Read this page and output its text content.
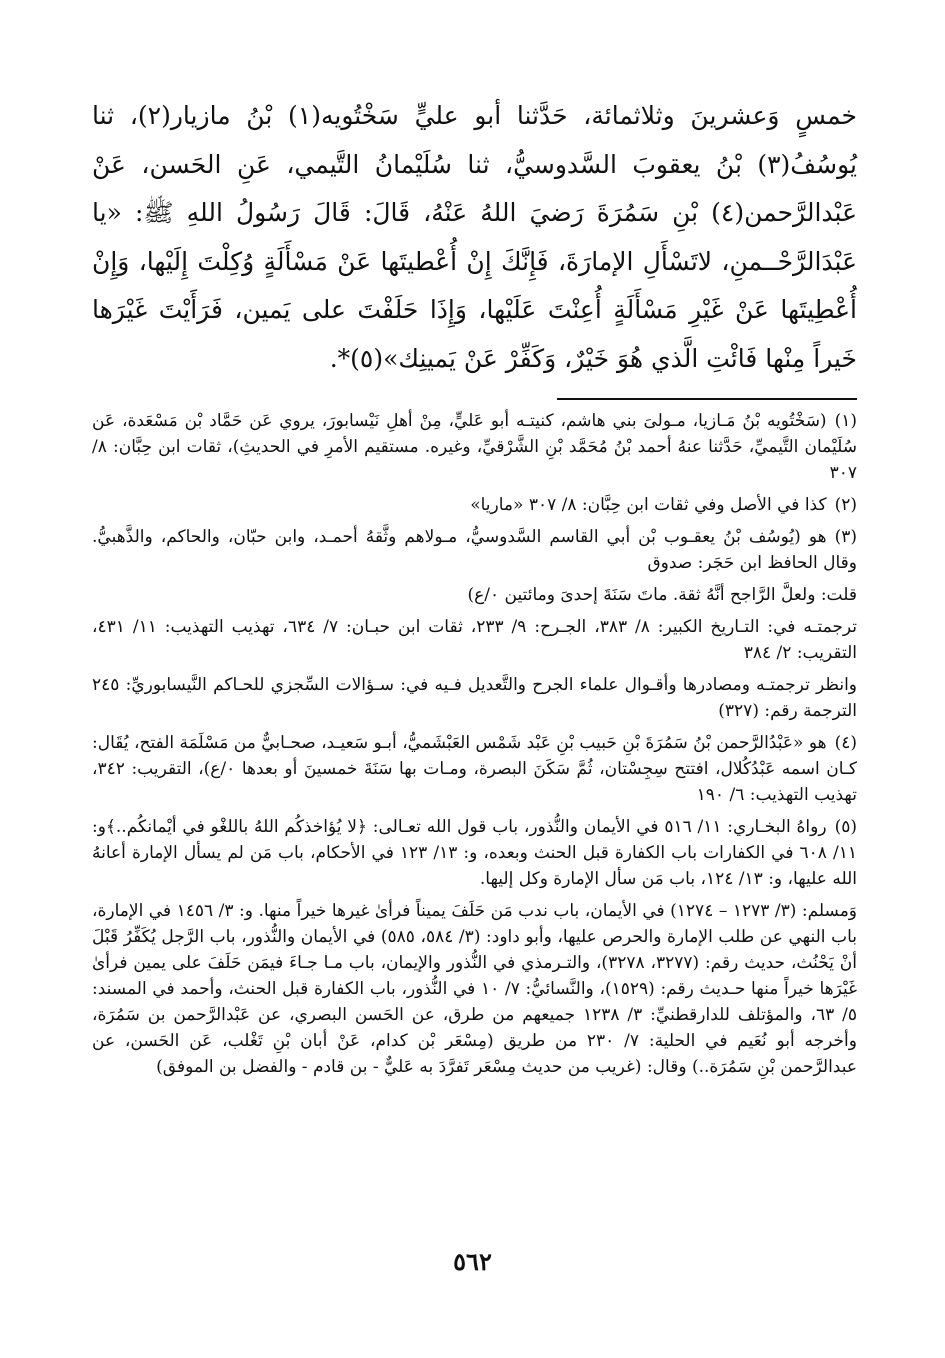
خمسٍ وَعشرينَ وثلاثمائة، حَدَّثنا أبو عليٍّ سَخْتُويه(١) بْنُ مازيار(٢)، ثنا يُوسُفُ(٣) بْنُ يعقوبَ السَّدوسيُّ، ثنا سُلَيْمانُ التَّيمي، عَنِ الحَسن، عَنْ عَبْدالرَّحمن(٤) بْنِ سَمُرَةَ رَضيَ اللهُ عَنْهُ، قَالَ: قَالَ رَسُولُ اللهِ ﷺ: «يا عَبْدَالرَّحْــمنِ، لاتَسْأَلِ الإمارَةَ، فَإِنَّكَ إِنْ أُعْطيتَها عَنْ مَسْأَلَةٍ وُكِلْتَ إِلَيْها، وَإِنْ أُعْطِيتَها عَنْ غَيْرِ مَسْأَلَةٍ أُعِنْتَ عَلَيْها، وَإِذَا حَلَفْتَ على يَمين، فَرَأَيْتَ غَيْرَها خَيراً مِنْها فَائْتِ الَّذي هُوَ خَيْرٌ، وَكَفِّرْ عَنْ يَمينِك»(٥)*.

(١)(سَخْتُويه بْنُ مَـازيا، مـولىَ بني هاشم، كنيتـه أبو عَليٍّ، مِنْ أهلِ نَيْسابورَ، يروي عَن حَمَّاد بْن مَسْعَدة، عَن سُلَيْمان التَّيميِّ، حَدَّثنا عنهُ أحمد بْنُ مُحَمَّد بْنِ الشَّرْقيِّ، وغيره. مستقيم الأمرِ في الحديثِ)، ثقات ابن حِبَّان: ٨/ ٣٠٧
(٢)كذا في الأصل وفي ثقات ابن حِبَّان: ٨/ ٣٠٧ «ماريا»
(٣)هو (يُوسُف بْنُ يعقـوب بْن أبي القاسم السَّدوسيُّ، مـولاهم وثَّقهُ أحمـد، وابن حبّان، والحاكم، والذَّهبيُّ. وقال الحافظ ابن حَجَر: صدوق
قلت: ولعلَّ الرَّاجح أنَّهُ ثقة. ماتَ سَنَةَ إحدىَ ومائتين ٠/ع)
ترجمتـه في: التـاريخ الكبير: ٨/ ٣٨٣، الجـرح: ٩/ ٢٣٣، ثقات ابن حبـان: ٧/ ٦٣٤، تهذيب التهذيب: ١١/ ٤٣١، التقريب: ٢/ ٣٨٤
وانظر ترجمتـه ومصادرها وأقـوال علماء الجرح والتَّعديل فـيه في: سـؤالات السِّجزي للحـاكم النَّيسابوريِّ: ٢٤٥ الترجمة رقم: (٣٢٧)
(٤)هو «عَبْدُالرَّحمن بْنُ سَمُرَةَ بْنِ حَبيب بْنِ عَبْد شَمْس العَبْشَميُّ، أبـو سَعيـد، صحـابيٌّ من مَسْلَمَة الفتح، يُقَال: كـان اسمه عَبْدُكُلال، افتتح سِجِسْتان، ثُمَّ سَكَنَ البصرة، ومـات بها سَنَةَ خمسينَ أو بعدها ٠/ع)، التقريب: ٣٤٢، تهذيب التهذيب: ٦/ ١٩٠
(٥)رواهُ البخـاري: ١١/ ٥١٦ في الأيمان والنُّذور، باب قول الله تعـالى: ﴿لا يُؤاخذكُم اللهُ باللغْو في أيْمانكُم..﴾و: ١١/ ٦٠٨ في الكفارات باب الكفارة قبل الحنث وبعده، و: ١٣/ ١٢٣ في الأحكام، باب مَن لم يسأل الإمارة أعانهُ الله عليها، و: ١٣/ ١٢٤، باب مَن سأل الإمارة وكل إليها.
وَمسلم: (٣/ ١٢٧٣ – ١٢٧٤) في الأيمان، باب ندب مَن حَلَفَ يميناً فرأىٰ غيرها خيراً منها. و: ٣/ ١٤٥٦ في الإمارة، باب النهي عن طلب الإمارة والحرص عليها، وأبو داود: (٣/ ٥٨٤، ٥٨٥) في الأيمان والنُّذور، باب الرَّجل يُكَفِّرُ قَبْلَ أنْ يَحْنُث، حديث رقم: (٣٢٧٧، ٣٢٧٨)، والتـرمذي في النُّذور والإيمان، باب مـا جـاءَ فيمَن حَلَفَ على يمين فرأىٰ غَيْرَها خيراً منها حـديث رقم: (١٥٢٩)، والنَّسائيُّ: ٧/ ١٠ في النُّذور، باب الكفارة قبل الحنث، وأحمد في المسند: ٥/ ٦٣، والمؤتلف للدارقطنيِّ: ٣/ ١٢٣٨ جميعهم من طرق، عن الحَسن البصري، عن عَبْدالرَّحمن بن سَمُرَة، وأخرجه أبو نُعَيم في الحلية: ٧/ ٢٣٠ من طريق (مِسْعَر بْن كدام، عَنْ أبان بْنِ تَغْلب، عَن الحَسن، عن عبدالرَّحمن بْنِ سَمُرَة..) وقال: (غريب من حديث مِسْعَر تَفرَّدَ به عَليٌّ - بن قادم - والفضل بن الموفق)
٥٦٢
